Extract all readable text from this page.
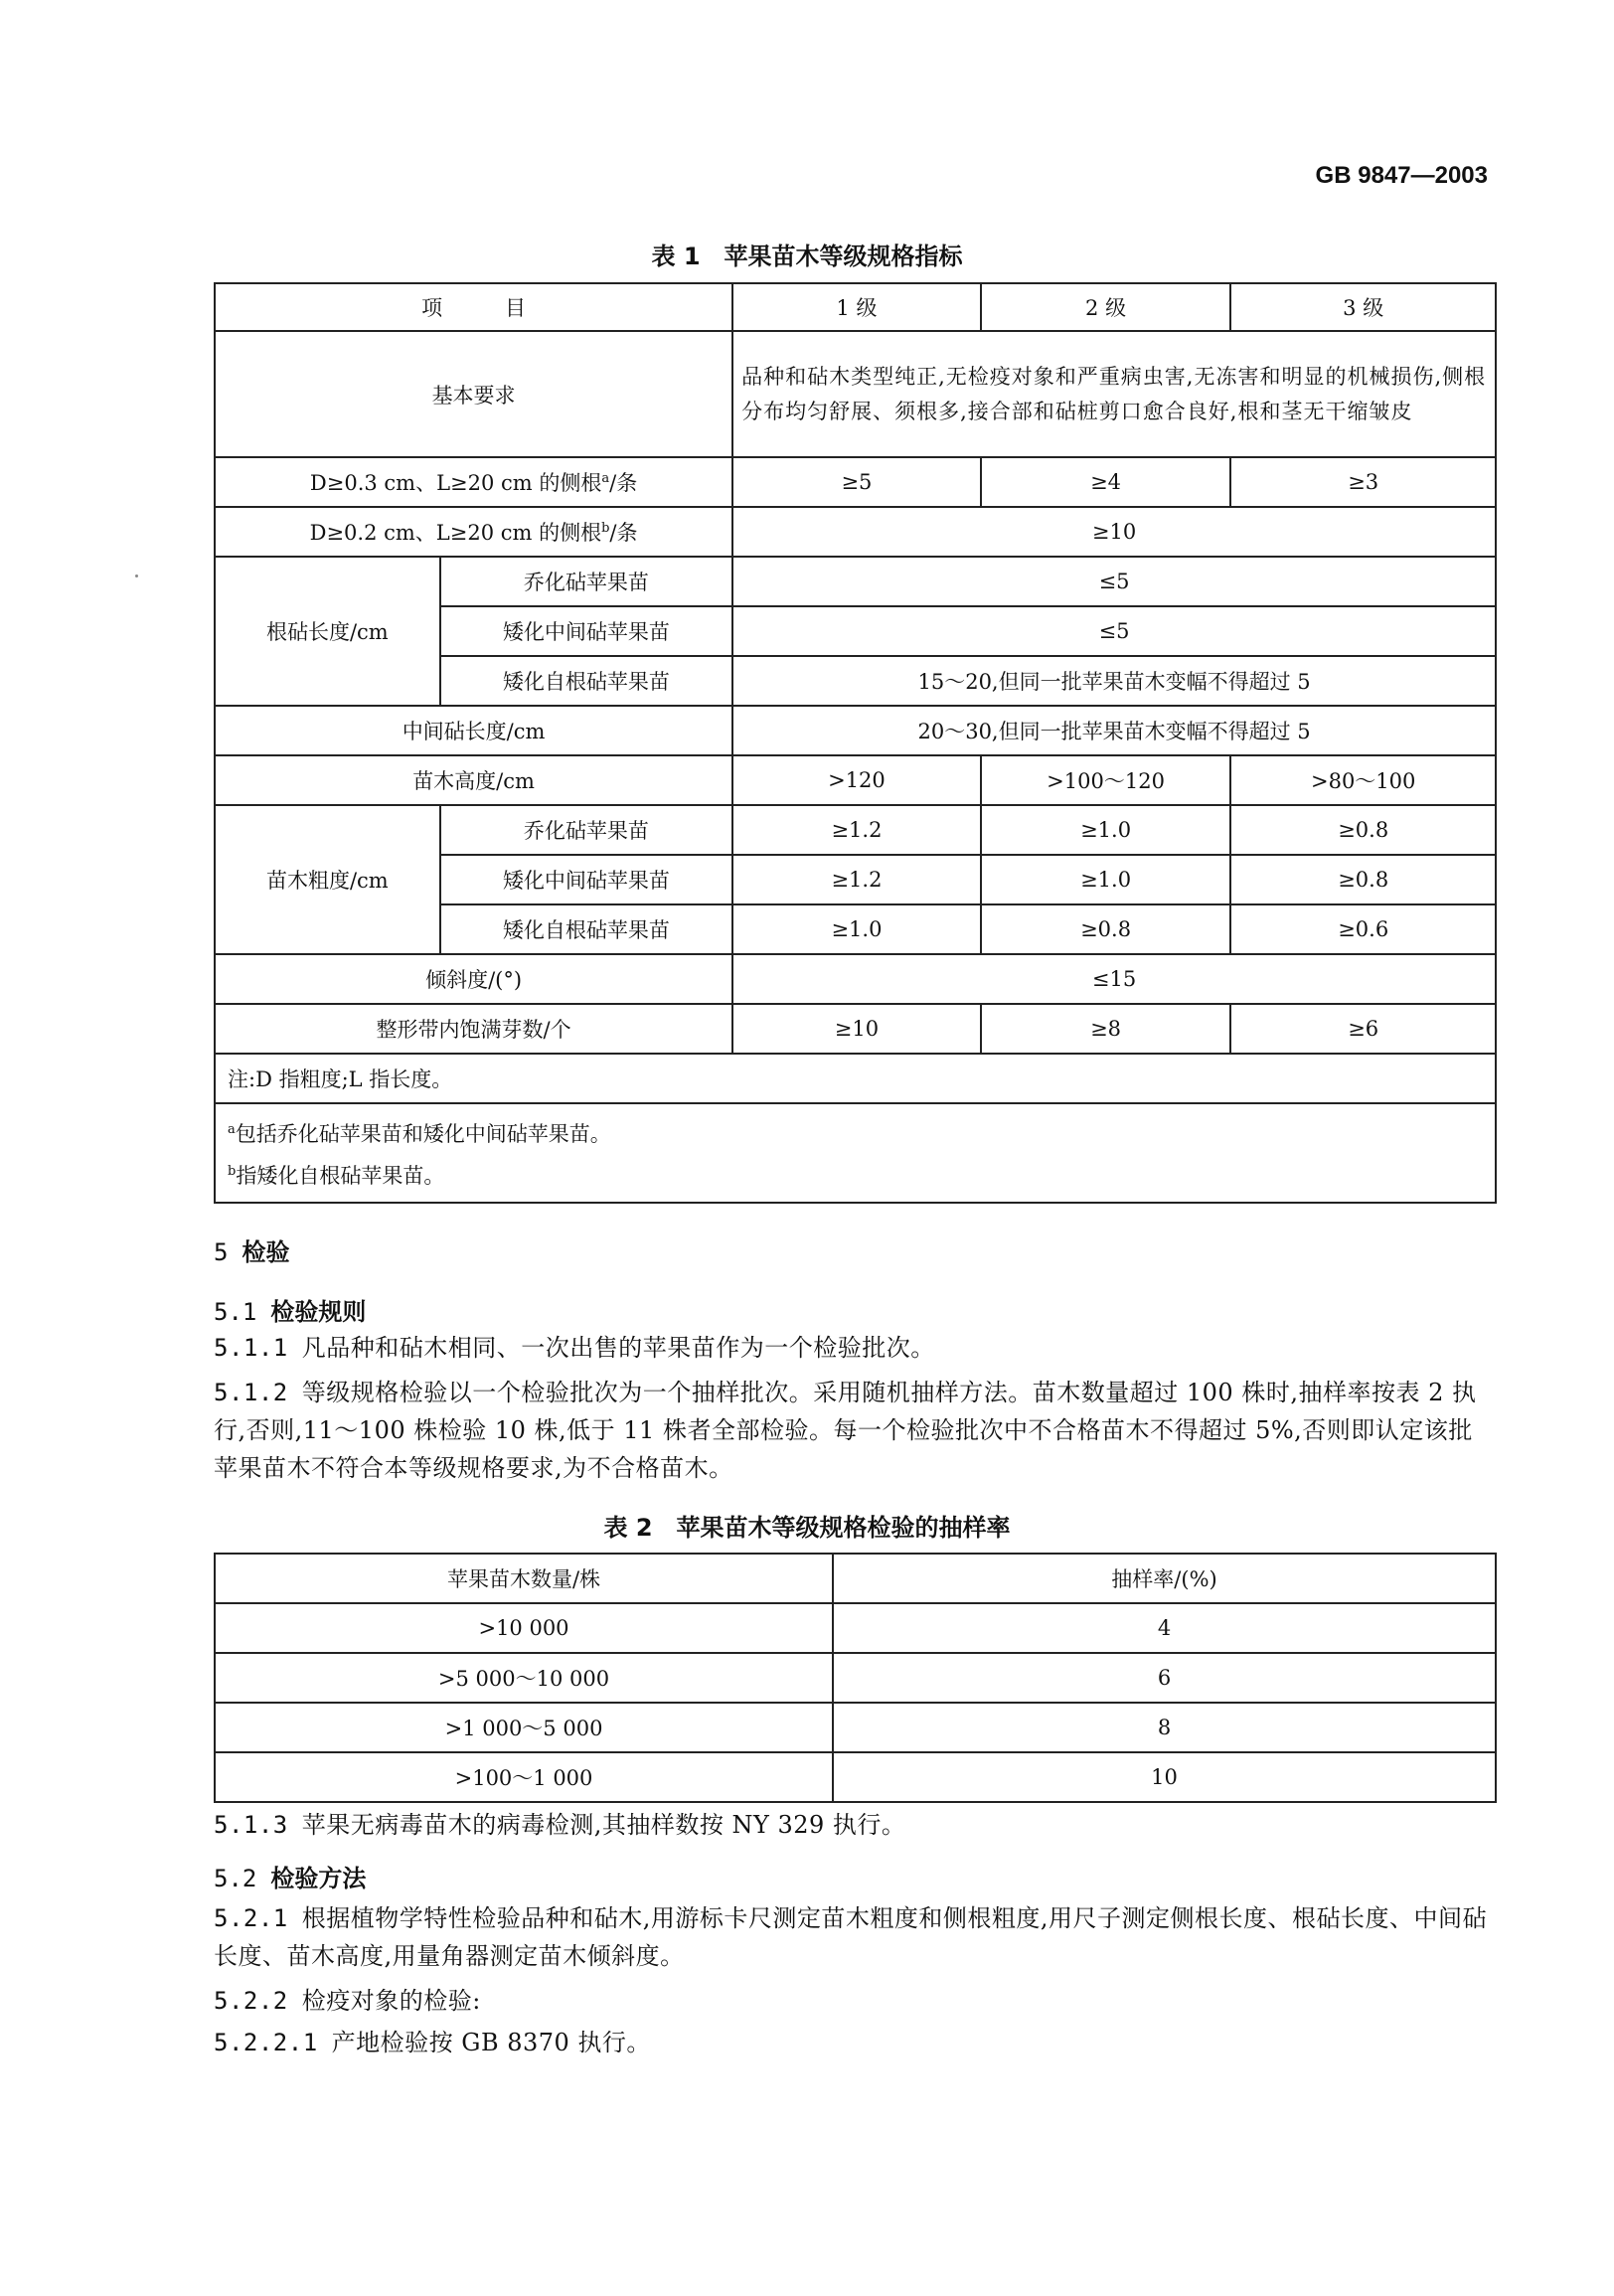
GB 9847—2003
表 1　苹果苗木等级规格指标
项　　　目		1 级	2 级	3 级
基本要求		品种和砧木类型纯正,无检疫对象和严重病虫害,无冻害和明显的机械损伤,侧根分布均匀舒展、须根多,接合部和砧桩剪口愈合良好,根和茎无干缩皱皮		
D≥0.3 cm、L≥20 cm 的侧根$^a$/条		≥5	≥4	≥3
D≥0.2 cm、L≥20 cm 的侧根$^b$/条		≥10		
根砧长度/cm	乔化砧苹果苗	≤5		
	矮化中间砧苹果苗	≤5		
	矮化自根砧苹果苗	15～20,但同一批苹果苗木变幅不得超过 5		
中间砧长度/cm		20～30,但同一批苹果苗木变幅不得超过 5		
苗木高度/cm		>120	>100～120	>80～100
苗木粗度/cm	乔化砧苹果苗	≥1.2	≥1.0	≥0.8
	矮化中间砧苹果苗	≥1.2	≥1.0	≥0.8
	矮化自根砧苹果苗	≥1.0	≥0.8	≥0.6
倾斜度/(°)		≤15		
整形带内饱满芽数/个		≥10	≥8	≥6
注:D 指粗度;L 指长度。				

$^a$包括乔化砧苹果苗和矮化中间砧苹果苗。
$^b$指矮化自根砧苹果苗。				
5 检验
5.1 检验规则
5.1.1 凡品种和砧木相同、一次出售的苹果苗作为一个检验批次。
5.1.2 等级规格检验以一个检验批次为一个抽样批次。采用随机抽样方法。苗木数量超过 100 株时,抽样率按表 2 执行,否则,11～100 株检验 10 株,低于 11 株者全部检验。每一个检验批次中不合格苗木不得超过 5%,否则即认定该批苹果苗木不符合本等级规格要求,为不合格苗木。
表 2　苹果苗木等级规格检验的抽样率
苹果苗木数量/株	抽样率/(%)
>10 000	4
>5 000～10 000	6
>1 000～5 000	8
>100～1 000	10
5.1.3 苹果无病毒苗木的病毒检测,其抽样数按 NY 329 执行。
5.2 检验方法
5.2.1 根据植物学特性检验品种和砧木,用游标卡尺测定苗木粗度和侧根粗度,用尺子测定侧根长度、根砧长度、中间砧长度、苗木高度,用量角器测定苗木倾斜度。
5.2.2 检疫对象的检验:
5.2.2.1 产地检验按 GB 8370 执行。
